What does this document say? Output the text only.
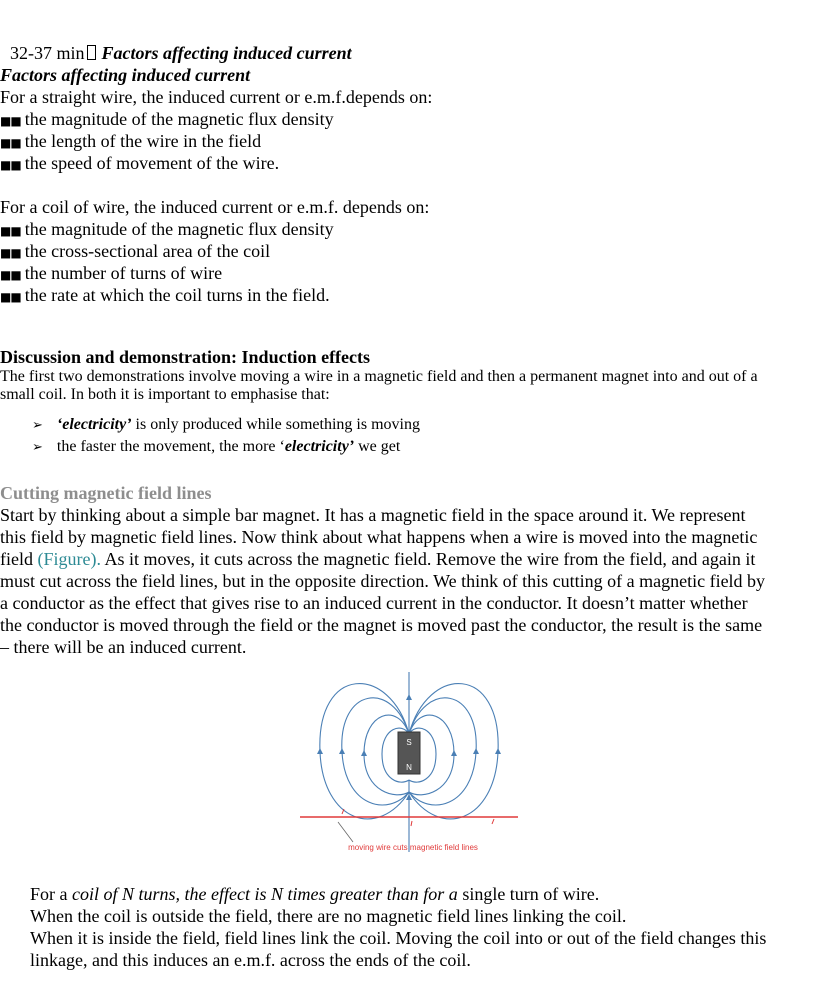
32-37 min Factors affecting induced current
Factors affecting induced current
For a straight wire, the induced current or e.m.f.depends on:
■■ the magnitude of the magnetic flux density
■■ the length of the wire in the field
■■ the speed of movement of the wire.
For a coil of wire, the induced current or e.m.f. depends on:
■■ the magnitude of the magnetic flux density
■■ the cross-sectional area of the coil
■■ the number of turns of wire
■■ the rate at which the coil turns in the field.
Discussion and demonstration: Induction effects
The first two demonstrations involve moving a wire in a magnetic field and then a permanent magnet into and out of a
small coil. In both it is important to emphasise that:
➢ ‘electricity’ is only produced while something is moving
➢ the faster the movement, the more ‘electricity’ we get
Cutting magnetic field lines
Start by thinking about a simple bar magnet. It has a magnetic field in the space around it. We represent
this field by magnetic field lines. Now think about what happens when a wire is moved into the magnetic
field (Figure). As it moves, it cuts across the magnetic field. Remove the wire from the field, and again it
must cut across the field lines, but in the opposite direction. We think of this cutting of a magnetic field by
a conductor as the effect that gives rise to an induced current in the conductor. It doesn’t matter whether
the conductor is moved through the field or the magnet is moved past the conductor, the result is the same
– there will be an induced current.
S
N
moving wire cuts magnetic field lines
For a coil of N turns, the effect is N times greater than for a single turn of wire.
When the coil is outside the field, there are no magnetic field lines linking the coil.
When it is inside the field, field lines link the coil. Moving the coil into or out of the field changes this
linkage, and this induces an e.m.f. across the ends of the coil.
